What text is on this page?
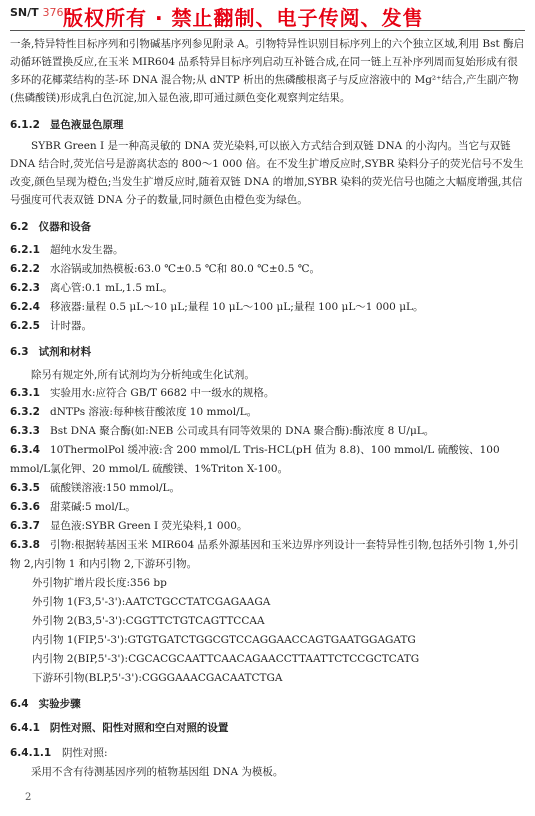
SN/T 3767
版权所有 · 禁止翻制、电子传阅、发售

一条,特异特性目标序列和引物碱基序列参见附录 A。引物特异性识别目标序列上的六个独立区域,利用 Bst 酶启动循环链置换反应,在玉米 MIR604 品系特异目标序列启动互补链合成,在同一链上互补序列周而复始形成有很多环的花椰菜结构的茎-环 DNA 混合物;从 dNTP 析出的焦磷酸根离子与反应溶液中的 Mg²⁺结合,产生副产物(焦磷酸镁)形成乳白色沉淀,加入显色液,即可通过颜色变化观察判定结果。

6.1.2 显色液显色原理

SYBR Green I 是一种高灵敏的 DNA 荧光染料,可以嵌入方式结合到双链 DNA 的小沟内。当它与双链 DNA 结合时,荧光信号是游离状态的 800～1 000 倍。在不发生扩增反应时,SYBR 染料分子的荧光信号不发生改变,颜色呈现为橙色;当发生扩增反应时,随着双链 DNA 的增加,SYBR 染料的荧光信号也随之大幅度增强,其信号强度可代表双链 DNA 分子的数量,同时颜色由橙色变为绿色。

6.2 仪器和设备
6.2.1 超纯水发生器。
6.2.2 水浴锅或加热模板:63.0 ℃±0.5 ℃和 80.0 ℃±0.5 ℃。
6.2.3 离心管:0.1 mL,1.5 mL。
6.2.4 移液器:量程 0.5 μL～10 μL;量程 10 μL～100 μL;量程 100 μL～1 000 μL。
6.2.5 计时器。
6.3 试剂和材料

除另有规定外,所有试剂均为分析纯或生化试剂。

6.3.1 实验用水:应符合 GB/T 6682 中一级水的规格。
6.3.2 dNTPs 溶液:每种核苷酸浓度 10 mmol/L。
6.3.3 Bst DNA 聚合酶(如:NEB 公司或具有同等效果的 DNA 聚合酶):酶浓度 8 U/μL。
6.3.4 10ThermolPol 缓冲液:含 200 mmol/L Tris-HCL(pH 值为 8.8)、100 mmol/L 硫酸铵、100 mmol/L氯化钾、20 mmol/L 硫酸镁、1%Triton X-100。
6.3.5 硫酸镁溶液:150 mmol/L。
6.3.6 甜菜碱:5 mol/L。
6.3.7 显色液:SYBR Green I 荧光染料,1 000。
6.3.8 引物:根据转基因玉米 MIR604 品系外源基因和玉米边界序列设计一套特异性引物,包括外引物 1,外引物 2,内引物 1 和内引物 2,下游环引物。
外引物扩增片段长度:356 bp
外引物 1(F3,5'-3'):AATCTGCCTATCGAGAAGA
外引物 2(B3,5'-3'):CGGTTCTGTCAGTTCCAA
内引物 1(FIP,5'-3'):GTGTGATCTGGCGTCCAGGAACCAGTGAATGGAGATG
内引物 2(BIP,5'-3'):CGCACGCAATTCAACAGAACCTTAATTCTCCGCTCATG
下游环引物(BLP,5'-3'):CGGGAAACGACAATCTGA
6.4 实验步骤
6.4.1 阴性对照、阳性对照和空白对照的设置
6.4.1.1 阴性对照:

采用不含有待测基因序列的植物基因组 DNA 为模板。

2
